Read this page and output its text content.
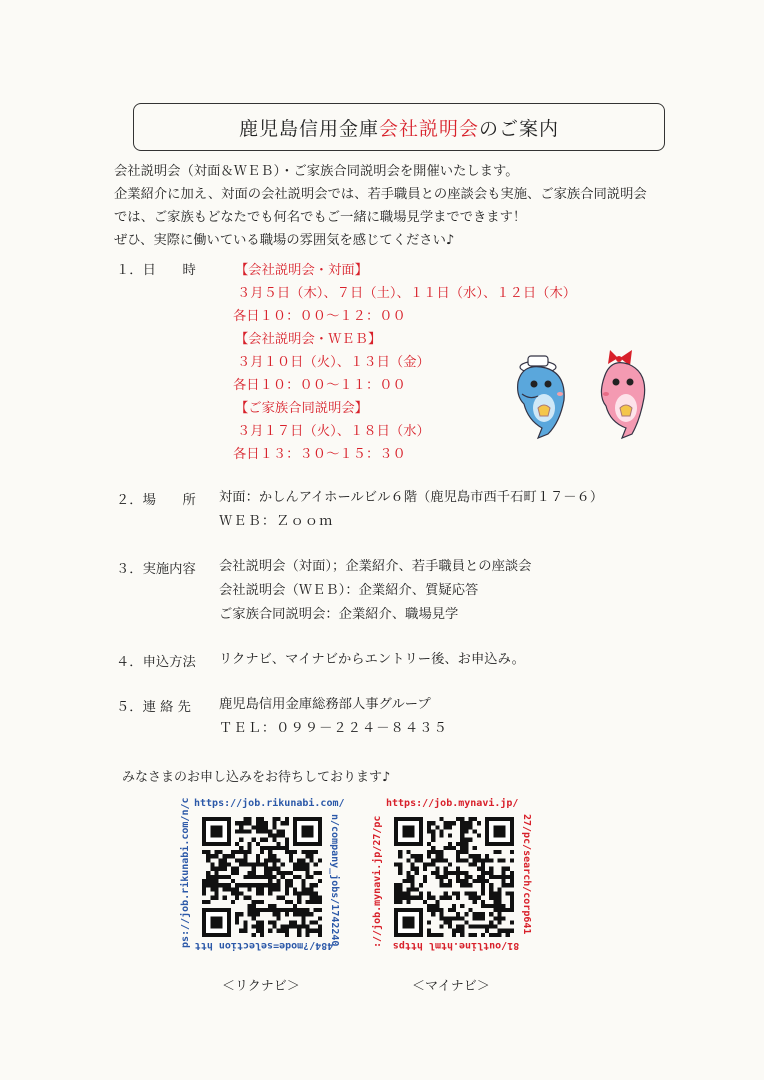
鹿児島信用金庫 会社説明会 のご案内
会社説明会（対面＆ＷＥＢ）・ご家族合同説明会を開催いたします。
企業紹介に加え、対面の会社説明会では、若手職員との座談会も実施、ご家族合同説明会
では、ご家族もどなたでも何名でもご一緒に職場見学までできます！
ぜひ、実際に働いている職場の雰囲気を感じてください♪
１．日　　時	【会社説明会・対面】
３月５日（木）、７日（土）、１１日（水）、１２日（木）
各日１０：００～１２：００
【会社説明会・ＷＥＢ】
３月１０日（火）、１３日（金）
各日１０：００～１１：００
【ご家族合同説明会】
３月１７日（火）、１８日（水）
各日１３：３０～１５：３０
２．場　　所 対面：かしんアイホールビル６階（鹿児島市西千石町１７－６）
ＷＥＢ：Ｚｏｏｍ
３．実施内容 会社説明会（対面）；企業紹介、若手職員との座談会
会社説明会（ＷＥＢ）：企業紹介、質疑応答
ご家族合同説明会：企業紹介、職場見学
４．申込方法 リクナビ、マイナビからエントリー後、お申込み。
５．連 絡 先 鹿児島信用金庫総務部人事グループ
ＴＥＬ：０９９－２２４－８４３５
みなさまのお申し込みをお待ちしております♪
https://job.rikunabi.com/
n/company_jobs/1742240
484/?mode=selection htt
ps://job.rikunabi.com/n/c
＜リクナビ＞
https://job.mynavi.jp/
27/pc/search/corp641
81/outline.html https
://job.mynavi.jp/27/pc
＜マイナビ＞
